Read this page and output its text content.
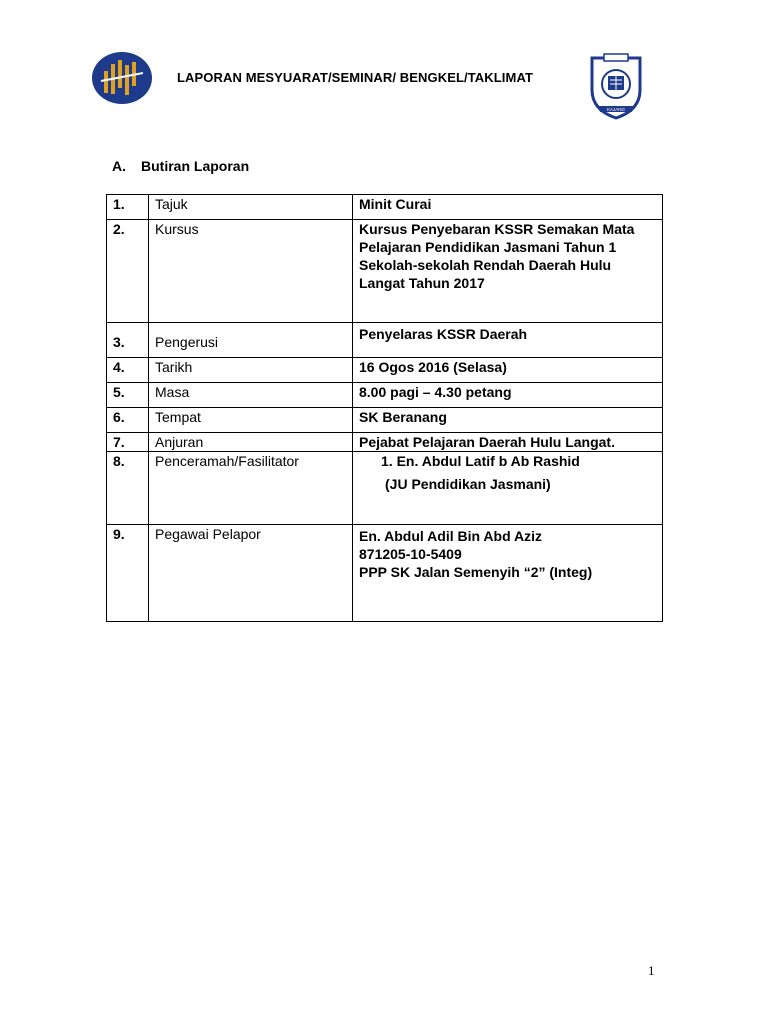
LAPORAN MESYUARAT/SEMINAR/ BENGKEL/TAKLIMAT
KAJANG
A. Butiran Laporan
1.	Tajuk	Minit Curai
2.	Kursus	Kursus Penyebaran KSSR Semakan Mata Pelajaran Pendidikan Jasmani Tahun 1 Sekolah-sekolah Rendah Daerah Hulu Langat Tahun 2017
3.	Pengerusi	Penyelaras KSSR Daerah
4.	Tarikh	16 Ogos 2016 (Selasa)
5.	Masa	8.00 pagi – 4.30 petang
6.	Tempat	SK Beranang
7.	Anjuran	Pejabat Pelajaran Daerah Hulu Langat.
8.	Penceramah/Fasilitator	1. En. Abdul Latif b Ab Rashid
(JU Pendidikan Jasmani)

9.	Pegawai Pelapor	En. Abdul Adil Bin Abd Aziz
871205-10-5409
PPP SK Jalan Semenyih “2” (Integ)
1
